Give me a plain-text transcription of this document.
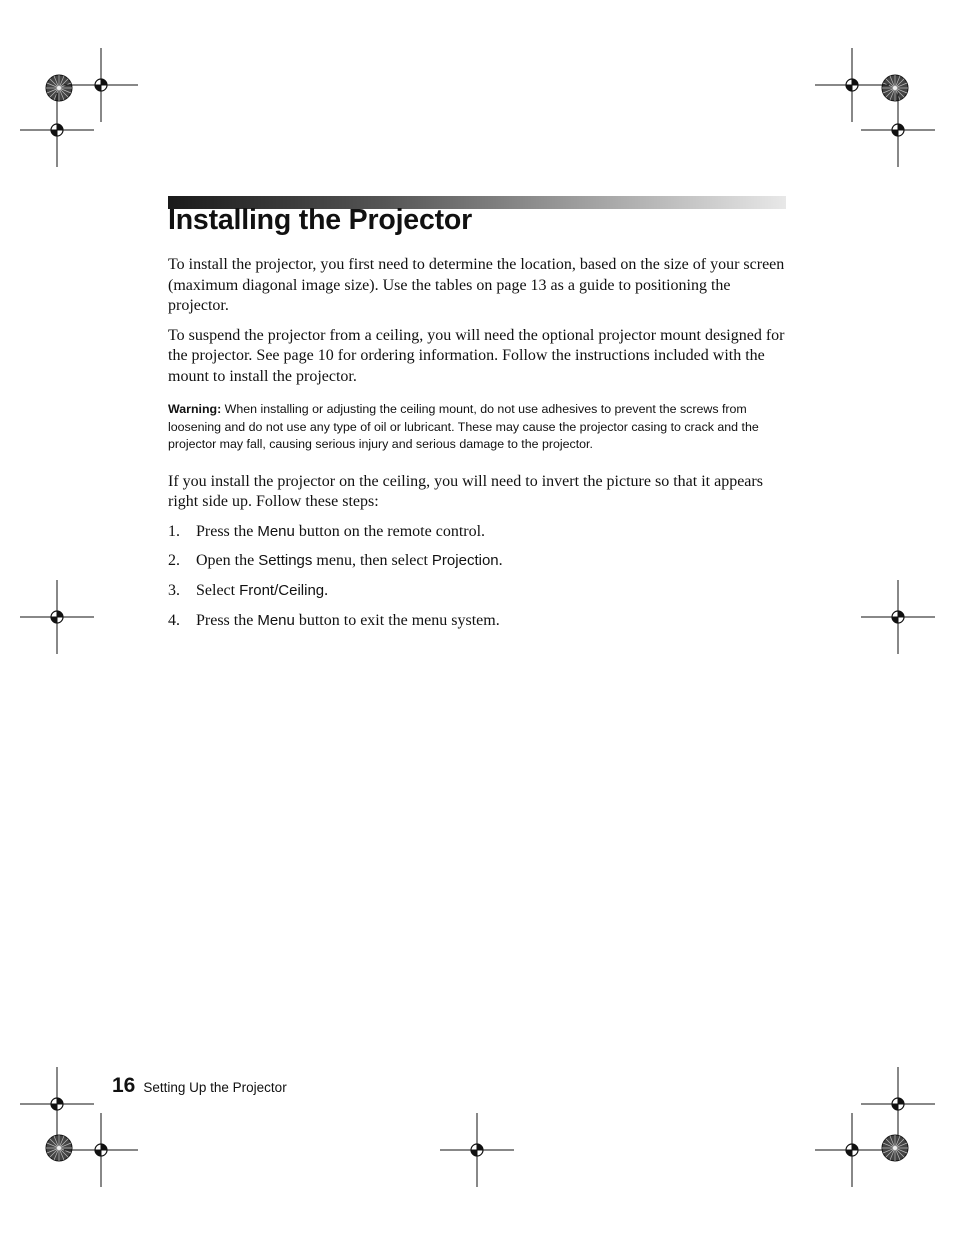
Installing the Projector

To install the projector, you first need to determine the location, based on the size of your screen (maximum diagonal image size). Use the tables on page 13 as a guide to positioning the projector.

To suspend the projector from a ceiling, you will need the optional projector mount designed for the projector. See page 10 for ordering information. Follow the instructions included with the mount to install the projector.

Warning: When installing or adjusting the ceiling mount, do not use adhesives to prevent the screws from loosening and do not use any type of oil or lubricant. These may cause the projector casing to crack and the projector may fall, causing serious injury and serious damage to the projector.

If you install the projector on the ceiling, you will need to invert the picture so that it appears right side up. Follow these steps:

1.	Press the Menu button on the remote control.
2.	Open the Settings menu, then select Projection.
3.	Select Front/Ceiling.
4.	Press the Menu button to exit the menu system.
16 Setting Up the Projector
